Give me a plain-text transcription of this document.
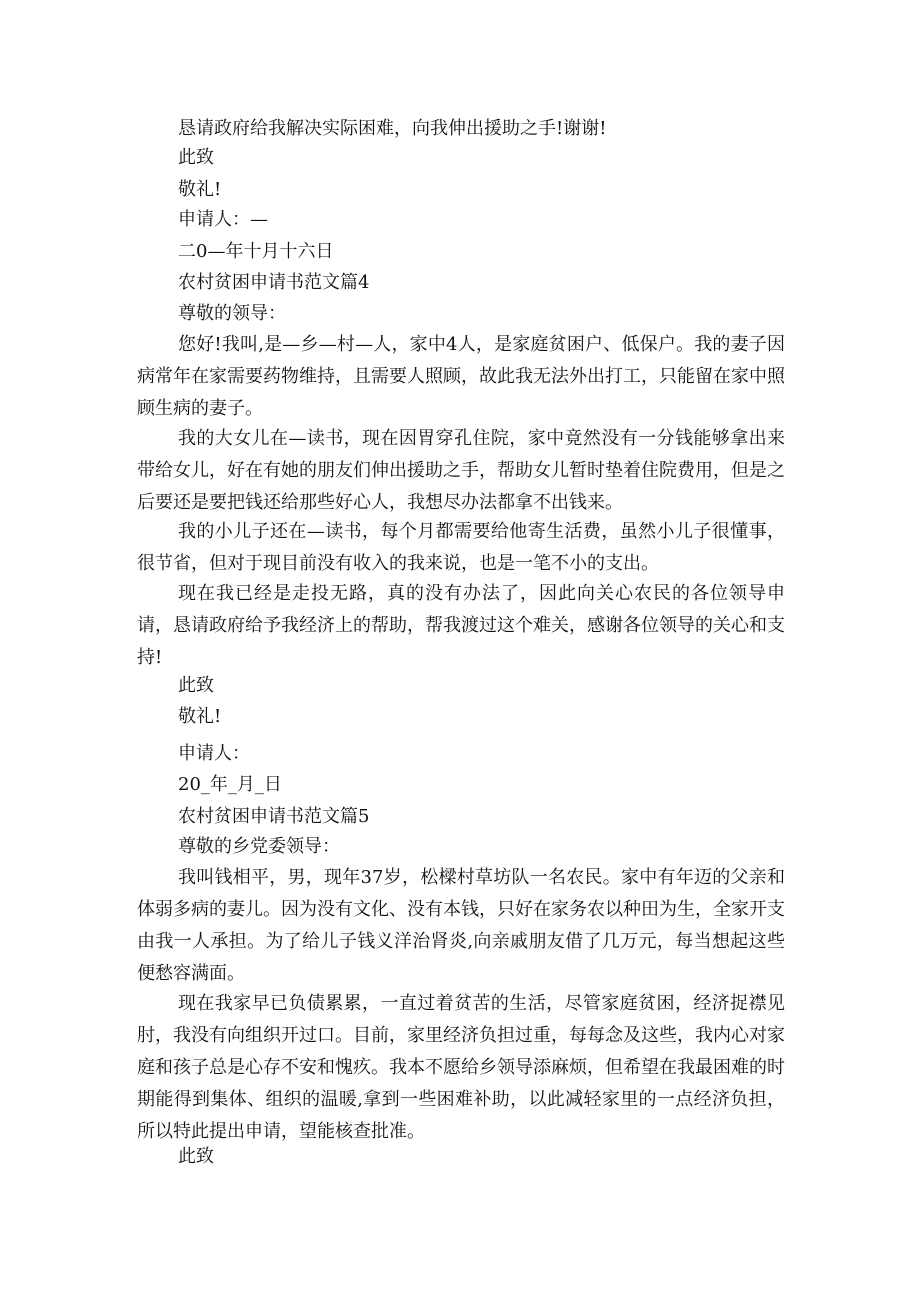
恳请政府给我解决实际困难，向我伸出援助之手!谢谢!
此致
敬礼!
申请人：—
二0—年十月十六日
农村贫困申请书范文篇4
尊敬的领导：

您好!我叫,是—乡—村—人，家中4人，是家庭贫困户、低保户。我的妻子因病常年在家需要药物维持，且需要人照顾，故此我无法外出打工，只能留在家中照顾生病的妻子。

我的大女儿在—读书，现在因胃穿孔住院，家中竟然没有一分钱能够拿出来带给女儿，好在有她的朋友们伸出援助之手，帮助女儿暂时垫着住院费用，但是之后要还是要把钱还给那些好心人，我想尽办法都拿不出钱来。

我的小儿子还在—读书，每个月都需要给他寄生活费，虽然小儿子很懂事，很节省，但对于现目前没有收入的我来说，也是一笔不小的支出。

现在我已经是走投无路，真的没有办法了，因此向关心农民的各位领导申请，恳请政府给予我经济上的帮助，帮我渡过这个难关，感谢各位领导的关心和支持!

此致
敬礼!
申请人：
20_年_月_日
农村贫困申请书范文篇5
尊敬的乡党委领导：

我叫钱相平，男，现年37岁，松樑村草坊队一名农民。家中有年迈的父亲和体弱多病的妻儿。因为没有文化、没有本钱，只好在家务农以种田为生，全家开支由我一人承担。为了给儿子钱义洋治肾炎,向亲戚朋友借了几万元，每当想起这些便愁容满面。

现在我家早已负债累累，一直过着贫苦的生活，尽管家庭贫困，经济捉襟见肘，我没有向组织开过口。目前，家里经济负担过重，每每念及这些，我内心对家庭和孩子总是心存不安和愧疚。我本不愿给乡领导添麻烦，但希望在我最困难的时期能得到集体、组织的温暖,拿到一些困难补助，以此减轻家里的一点经济负担，所以特此提出申请，望能核查批准。

此致
